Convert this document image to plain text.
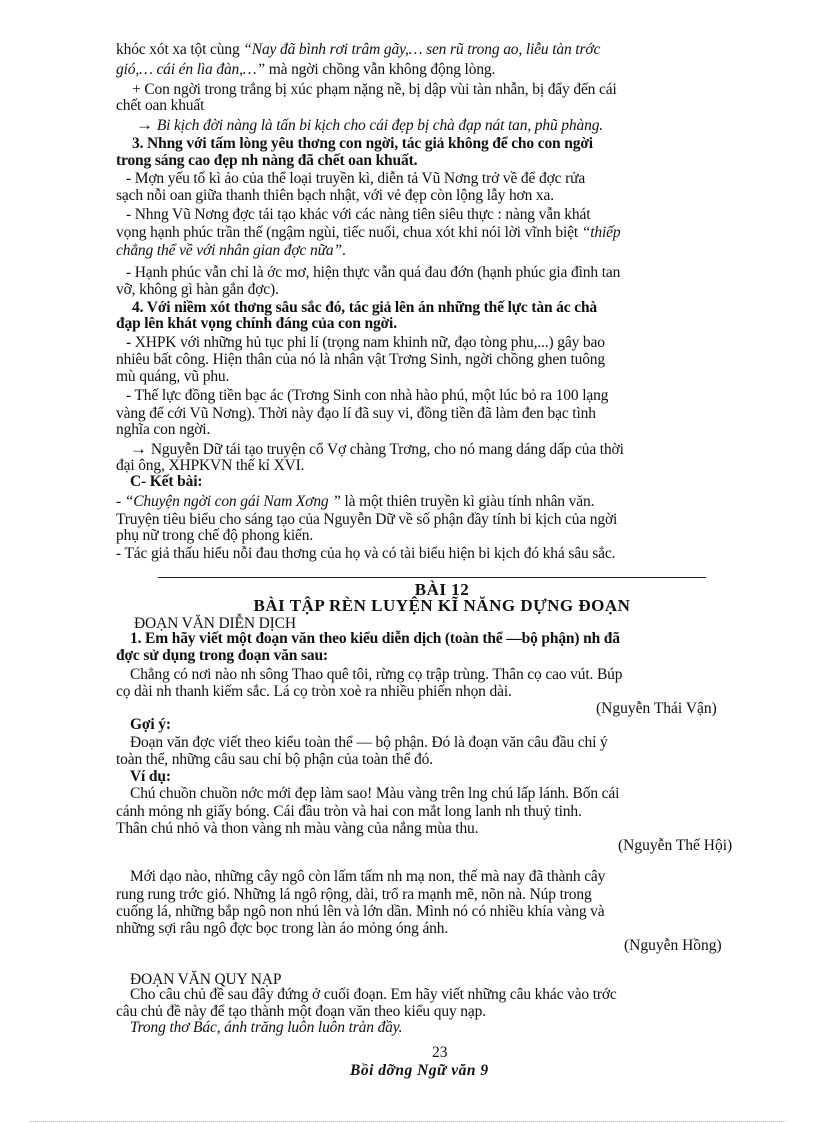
khóc xót xa tột cùng “Nay đã bình rơi trâm gãy,… sen rũ trong ao, liễu tàn trớc
gió,… cái én lìa đàn,…” mà ngời chồng vẫn không động lòng.
+ Con ngời trong trắng bị xúc phạm nặng nề, bị dập vùi tàn nhẫn, bị đẩy đến cái
chết oan khuất
→ Bi kịch đời nàng là tấn bi kịch cho cái đẹp bị chà đạp nát tan, phũ phàng.
3. Nhng với tấm lòng yêu thơng con ngời, tác giả không để cho con ngời
trong sáng cao đẹp nh nàng đã chết oan khuất.
- Mợn yếu tố kì ảo của thể loại truyền kì, diễn tả Vũ Nơng trở về để đợc rửa
sạch nỗi oan giữa thanh thiên bạch nhật, với vẻ đẹp còn lộng lẫy hơn xa.
- Nhng Vũ Nơng đợc tái tạo khác với các nàng tiên siêu thực : nàng vẫn khát
vọng hạnh phúc trần thế (ngậm ngùi, tiếc nuối, chua xót khi nói lời vĩnh biệt “thiếp
chẳng thể về với nhân gian đợc nữa”.
- Hạnh phúc vẫn chỉ là ớc mơ, hiện thực vẫn quá đau đớn (hạnh phúc gia đình tan
vỡ, không gì hàn gắn đợc).
4. Với niềm xót thơng sâu sắc đó, tác giả lên án những thế lực tàn ác chà
đạp lên khát vọng chính đáng của con ngời.
- XHPK với những hủ tục phi lí (trọng nam khinh nữ, đạo tòng phu,...) gây bao
nhiêu bất công. Hiện thân của nó là nhân vật Trơng Sinh, ngời chồng ghen tuông
mù quáng, vũ phu.
- Thế lực đồng tiền bạc ác (Trơng Sinh con nhà hào phú, một lúc bỏ ra 100 lạng
vàng để cới Vũ Nơng). Thời này đạo lí đã suy vi, đồng tiền đã làm đen bạc tình
nghĩa con ngời.
→ Nguyễn Dữ tái tạo truyện cổ Vợ chàng Trơng, cho nó mang dáng dấp của thời
đại ông, XHPKVN thế kỉ XVI.
C- Kết bài:
- “Chuyện ngời con gái Nam Xơng ” là một thiên truyền kì giàu tính nhân văn.
Truyện tiêu biểu cho sáng tạo của Nguyễn Dữ về số phận đầy tính bi kịch của ngời
phụ nữ trong chế độ phong kiến.
- Tác giả thấu hiểu nỗi đau thơng của họ và có tài biểu hiện bi kịch đó khá sâu sắc.
BÀI 12
BÀI TẬP RÈN LUYỆN KĨ NĂNG DỰNG ĐOẠN
ĐOẠN VĂN DIỄN DỊCH
1. Em hãy viết một đoạn văn theo kiểu diễn dịch (toàn thể —bộ phận) nh đã
đợc sử dụng trong đoạn văn sau:
Chẳng có nơi nào nh sông Thao quê tôi, rừng cọ trập trùng. Thân cọ cao vút. Búp
cọ dài nh thanh kiếm sắc. Lá cọ tròn xoè ra nhiều phiến nhọn dài.
(Nguyễn Thái Vận)
Gợi ý:
Đoạn văn đợc viết theo kiểu toàn thể — bộ phận. Đó là đoạn văn câu đầu chỉ ý
toàn thể, những câu sau chỉ bộ phận của toàn thể đó.
Ví dụ:
Chú chuồn chuồn nớc mới đẹp làm sao! Màu vàng trên lng chú lấp lánh. Bốn cái
cánh mỏng nh giấy bóng. Cái đầu tròn và hai con mắt long lanh nh thuỷ tinh.
Thân chú nhỏ và thon vàng nh màu vàng của nắng mùa thu.
(Nguyễn Thế Hội)
Mới dạo nào, những cây ngô còn lấm tấm nh mạ non, thế mà nay đã thành cây
rung rung trớc gió. Những lá ngô rộng, dài, trổ ra mạnh mẽ, nõn nà. Núp trong
cuống lá, những bắp ngô non nhú lên và lớn dần. Mình nó có nhiều khía vàng và
những sợi râu ngô đợc bọc trong làn áo mỏng óng ánh.
(Nguyễn Hồng)
ĐOẠN VĂN QUY NẠP
Cho câu chủ đề sau đây đứng ở cuối đoạn. Em hãy viết những câu khác vào trớc
câu chủ đề này để tạo thành một đoạn văn theo kiểu quy nạp.
Trong thơ Bác, ánh trăng luôn luôn tràn đầy.
23
Bồi dỡng Ngữ văn 9
